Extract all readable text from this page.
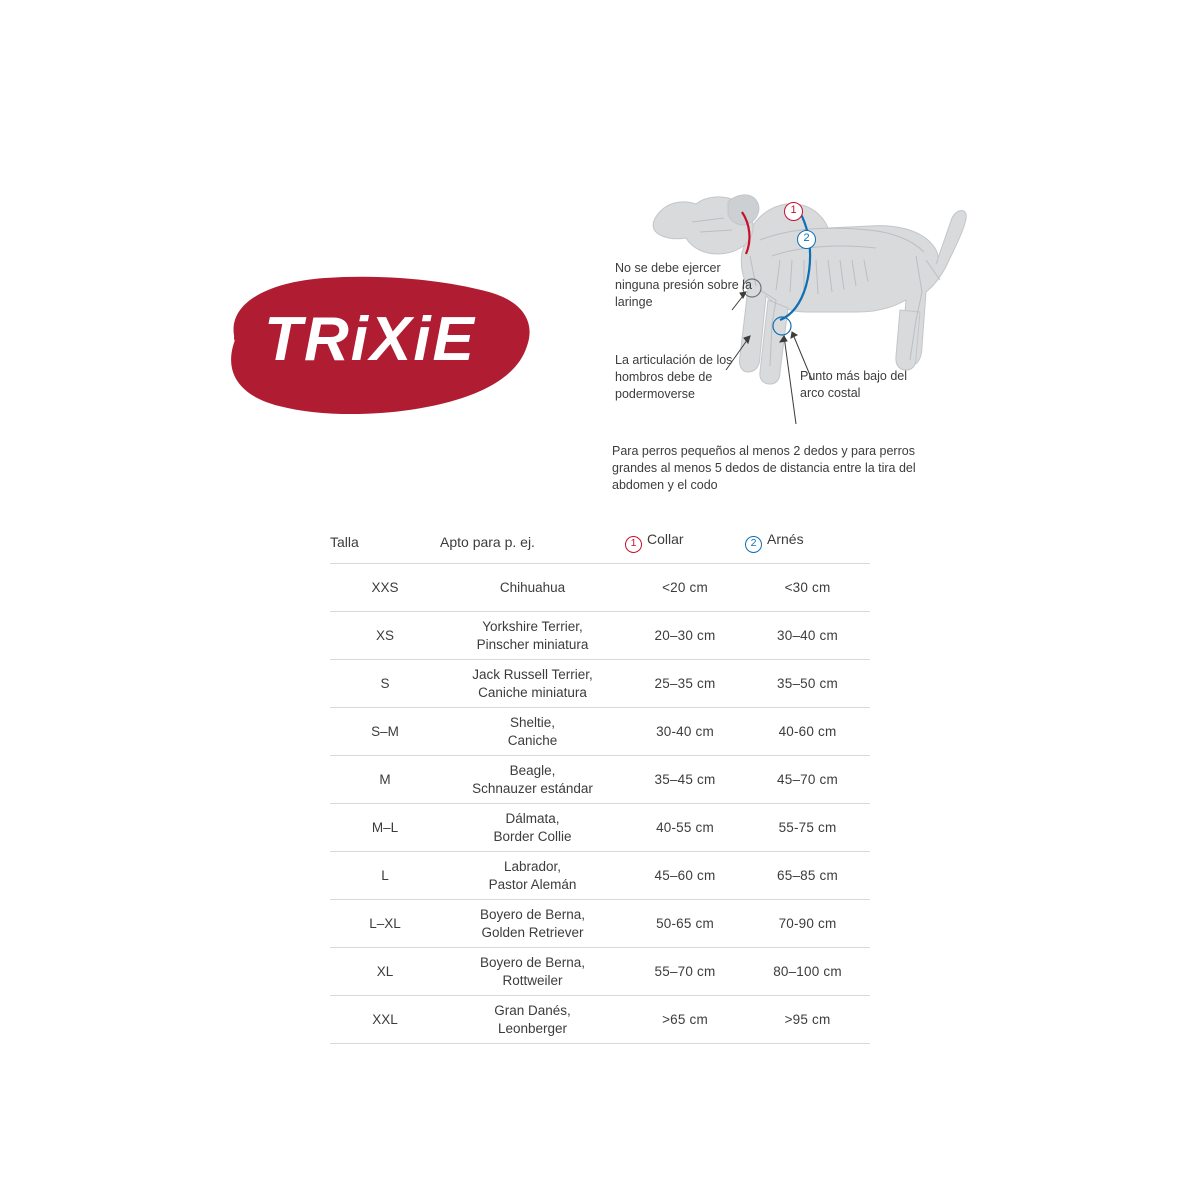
TRiXiE
1
2
No se debe ejercer ninguna presión sobre la laringe
La articulación de los hombros debe de podermoverse
Punto más bajo del arco costal
Para perros pequeños al menos 2 dedos y para perros grandes al menos 5 dedos de distancia entre la tira del abdomen y el codo
Talla	Apto para p. ej.	1 Collar	2 Arnés
XXS	Chihuahua	<20 cm	<30 cm
XS	Yorkshire Terrier,
Pinscher miniatura	20–30 cm	30–40 cm
S	Jack Russell Terrier,
Caniche miniatura	25–35 cm	35–50 cm
S–M	Sheltie,
Caniche	30-40 cm	40-60 cm
M	Beagle,
Schnauzer estándar	35–45 cm	45–70 cm
M–L	Dálmata,
Border Collie	40-55 cm	55-75 cm
L	Labrador,
Pastor Alemán	45–60 cm	65–85 cm
L–XL	Boyero de Berna,
Golden Retriever	50-65 cm	70-90 cm
XL	Boyero de Berna,
Rottweiler	55–70 cm	80–100 cm
XXL	Gran Danés,
Leonberger	>65 cm	>95 cm
